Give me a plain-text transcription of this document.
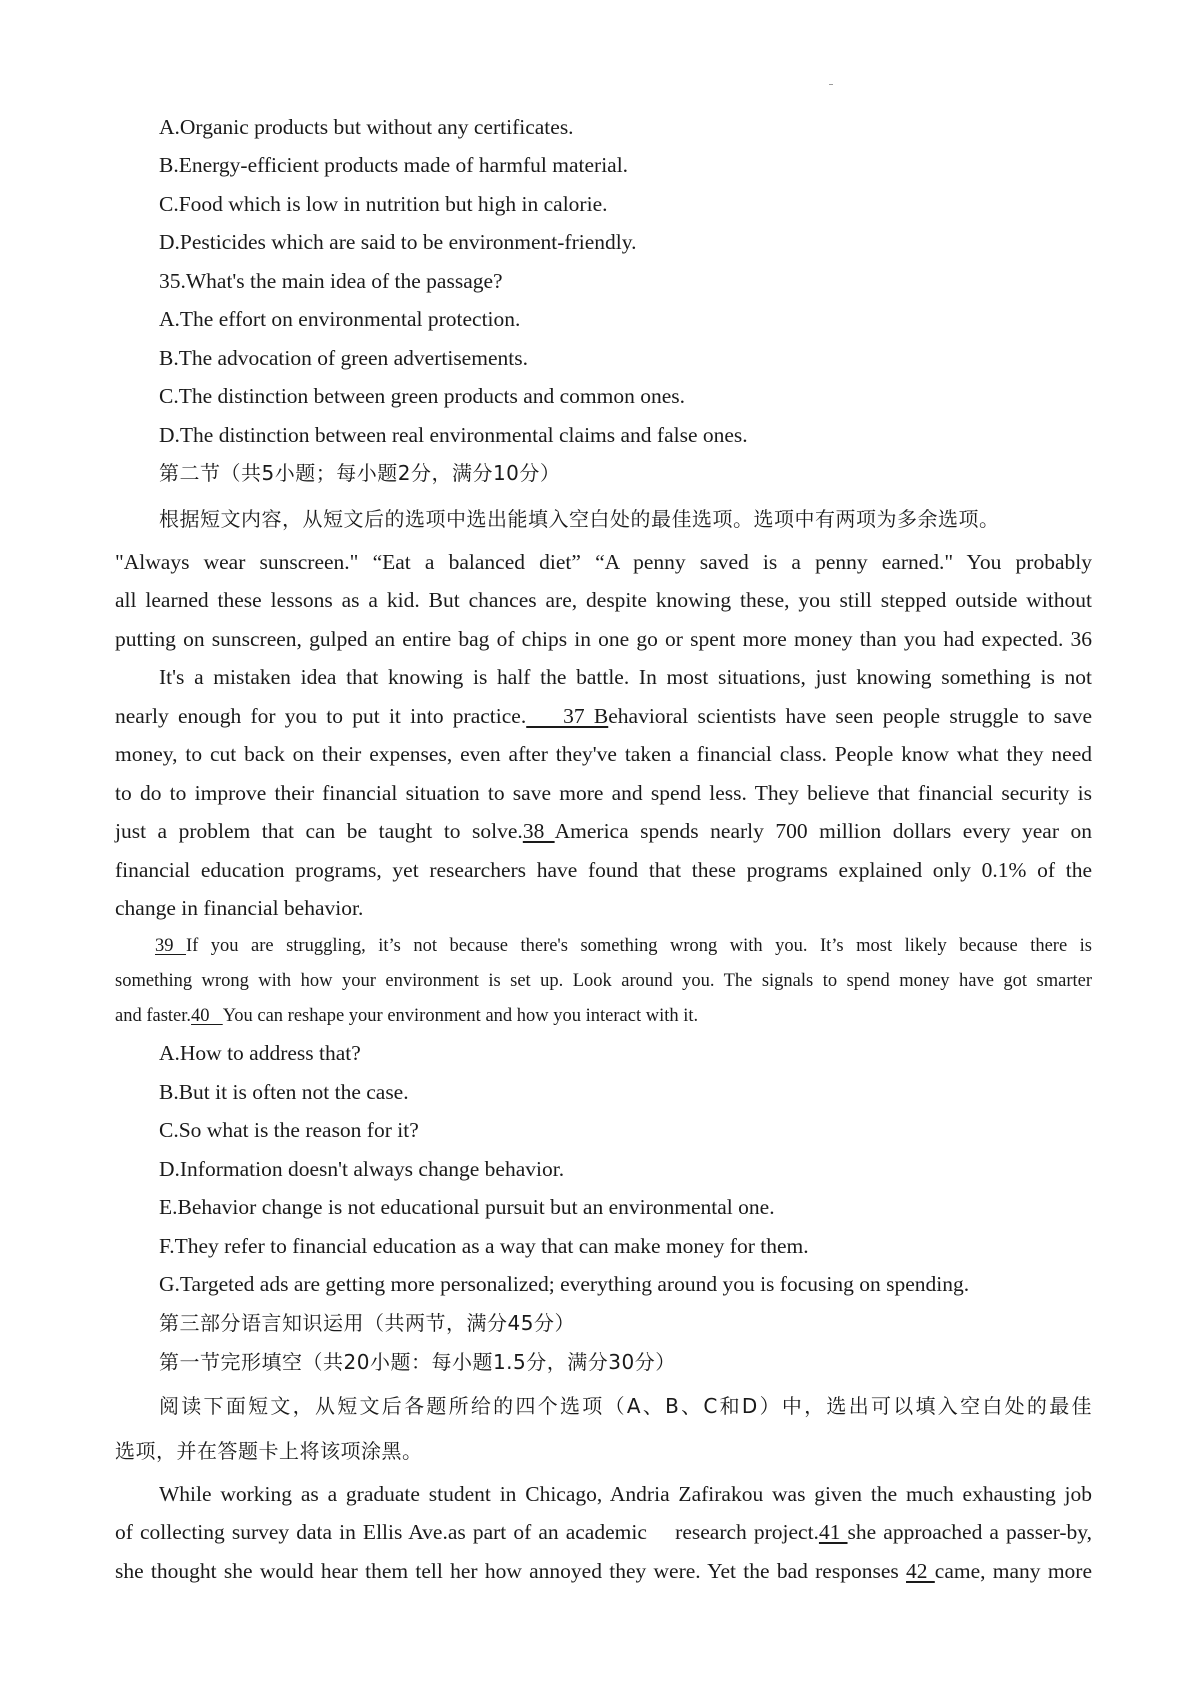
A.Organic products but without any certificates.

B.Energy-efficient products made of harmful material.

C.Food which is low in nutrition but high in calorie.

D.Pesticides which are said to be environment-friendly.

35.What's the main idea of the passage?

A.The effort on environmental protection.

B.The advocation of green advertisements.

C.The distinction between green products and common ones.

D.The distinction between real environmental claims and false ones.

第二节（共5小题；每小题2分，满分10分）

根据短文内容，从短文后的选项中选出能填入空白处的最佳选项。选项中有两项为多余选项。

"Always wear sunscreen." “Eat a balanced diet” “A penny saved is a penny earned." You probably

all learned these lessons as a kid. But chances are, despite knowing these, you still stepped outside without

putting on sunscreen, gulped an entire bag of chips in one go or spent more money than you had expected. 36

It's a mistaken idea that knowing is half the battle. In most situations, just knowing something is not

nearly enough for you to put it into practice.    37 Behavioral scientists have seen people struggle to save

money, to cut back on their expenses, even after they've taken a financial class. People know what they need

to do to improve their financial situation to save more and spend less. They believe that financial security is

just a problem that can be taught to solve.38 America spends nearly 700 million dollars every year on

financial education programs, yet researchers have found that these programs explained only 0.1% of the

change in financial behavior.

39 If you are struggling, it’s not because there's something wrong with you. It’s most likely because there is

something wrong with how your environment is set up. Look around you. The signals to spend money have got smarter

and faster.40   You can reshape your environment and how you interact with it.

A.How to address that?

B.But it is often not the case.

C.So what is the reason for it?

D.Information doesn't always change behavior.

E.Behavior change is not educational pursuit but an environmental one.

F.They refer to financial education as a way that can make money for them.

G.Targeted ads are getting more personalized; everything around you is focusing on spending.

第三部分语言知识运用（共两节，满分45分）

第一节完形填空（共20小题：每小题1.5分，满分30分）

阅读下面短文，从短文后各题所给的四个选项（A、B、C和D）中，选出可以填入空白处的最佳

选项，并在答题卡上将该项涂黑。

While working as a graduate student in Chicago, Andria Zafirakou was given the much exhausting job

of collecting survey data in Ellis Ave.as part of an academic    research project.41 she approached a passer-by,

she thought she would hear them tell her how annoyed they were. Yet the bad responses 42 came, many more
